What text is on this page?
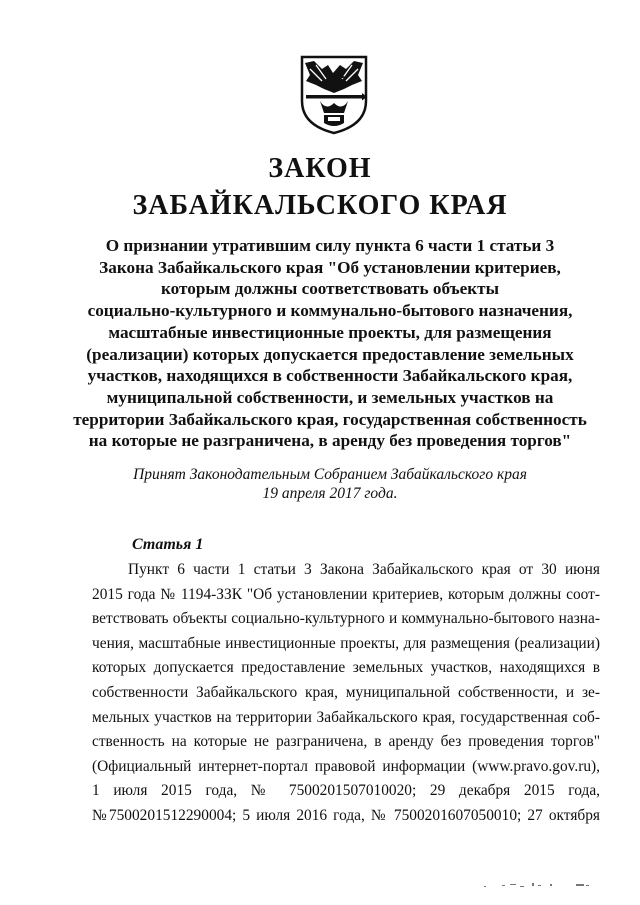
ЗАКОН
ЗАБАЙКАЛЬСКОГО КРАЯ

О признании утратившим силу пункта 6 части 1 статьи 3
Закона Забайкальского края "Об установлении критериев,
которым должны соответствовать объекты
социально-культурного и коммунально-бытового назначения,
масштабные инвестиционные проекты, для размещения
(реализации) которых допускается предоставление земельных
участков, находящихся в собственности Забайкальского края,
муниципальной собственности, и земельных участков на
территории Забайкальского края, государственная собственность
на которые не разграничена, в аренду без проведения торгов"

Принят Законодательным Собранием Забайкальского края
19 апреля 2017 года.

Статья 1
Пункт 6 части 1 статьи 3 Закона Забайкальского края от 30 июня
2015 года № 1194-ЗЗК "Об установлении критериев, которым должны соот-
ветствовать объекты социально-культурного и коммунально-бытового назна-
чения, масштабные инвестиционные проекты, для размещения (реализации)
которых допускается предоставление земельных участков, находящихся в
собственности Забайкальского края, муниципальной собственности, и зе-
мельных участков на территории Забайкальского края, государственная соб-
ственность на которые не разграничена, в аренду без проведения торгов"
(Официальный интернет-портал правовой информации (www.pravo.gov.ru),
1 июля 2015 года, № 7500201507010020; 29 декабря 2015 года,
№7500201512290004; 5 июля 2016 года, № 7500201607050010; 27 октября
